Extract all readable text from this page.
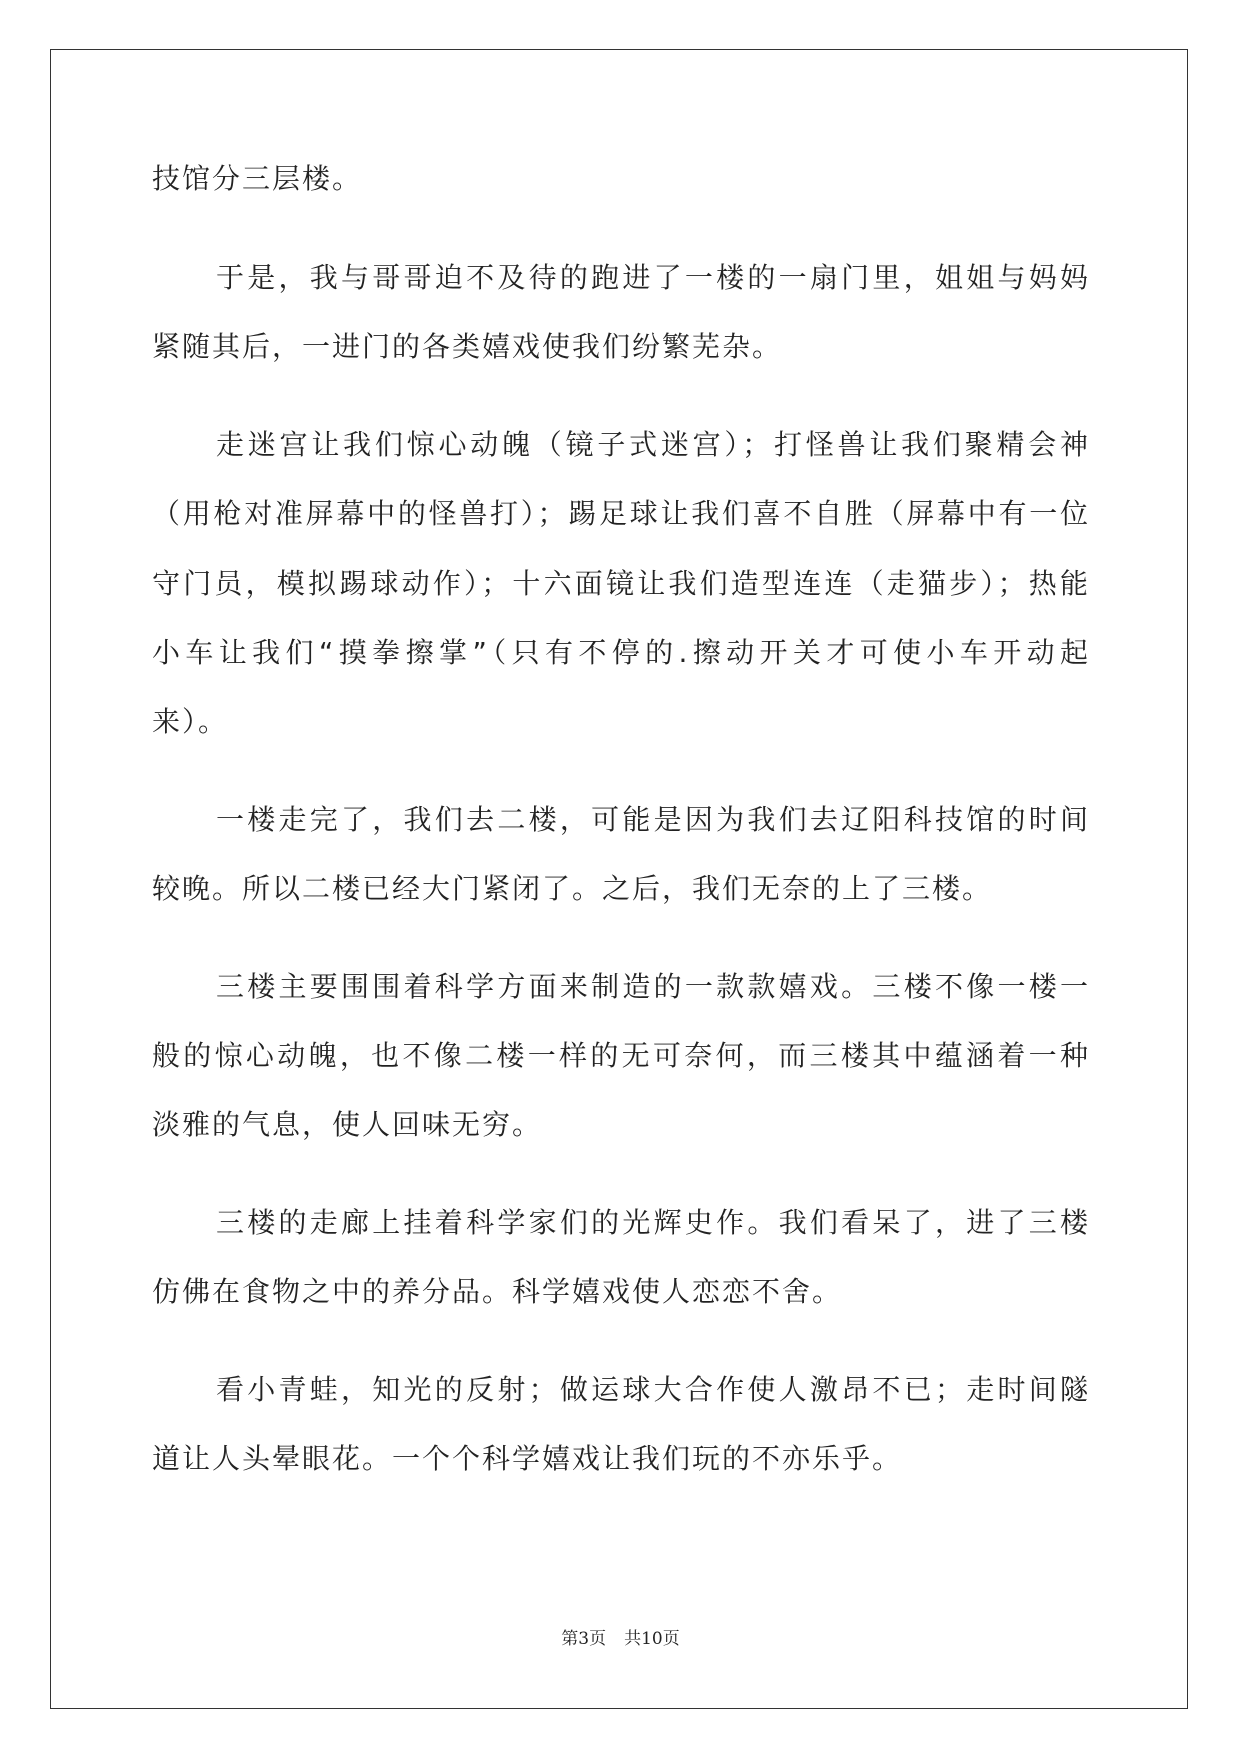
技馆分三层楼。
于是，我与哥哥迫不及待的跑进了一楼的一扇门里，姐姐与妈妈
紧随其后，一进门的各类嬉戏使我们纷繁芜杂。
走迷宫让我们惊心动魄（镜子式迷宫）；打怪兽让我们聚精会神
（用枪对准屏幕中的怪兽打）；踢足球让我们喜不自胜（屏幕中有一位
守门员，模拟踢球动作）；十六面镜让我们造型连连（走猫步）；热能
小车让我们“摸拳擦掌”（只有不停的.擦动开关才可使小车开动起
来）。
一楼走完了，我们去二楼，可能是因为我们去辽阳科技馆的时间
较晚。所以二楼已经大门紧闭了。之后，我们无奈的上了三楼。
三楼主要围围着科学方面来制造的一款款嬉戏。三楼不像一楼一
般的惊心动魄，也不像二楼一样的无可奈何，而三楼其中蕴涵着一种
淡雅的气息，使人回味无穷。
三楼的走廊上挂着科学家们的光辉史作。我们看呆了，进了三楼
仿佛在食物之中的养分品。科学嬉戏使人恋恋不舍。
看小青蛙，知光的反射；做运球大合作使人激昂不已；走时间隧
道让人头晕眼花。一个个科学嬉戏让我们玩的不亦乐乎。
第3页 共10页
